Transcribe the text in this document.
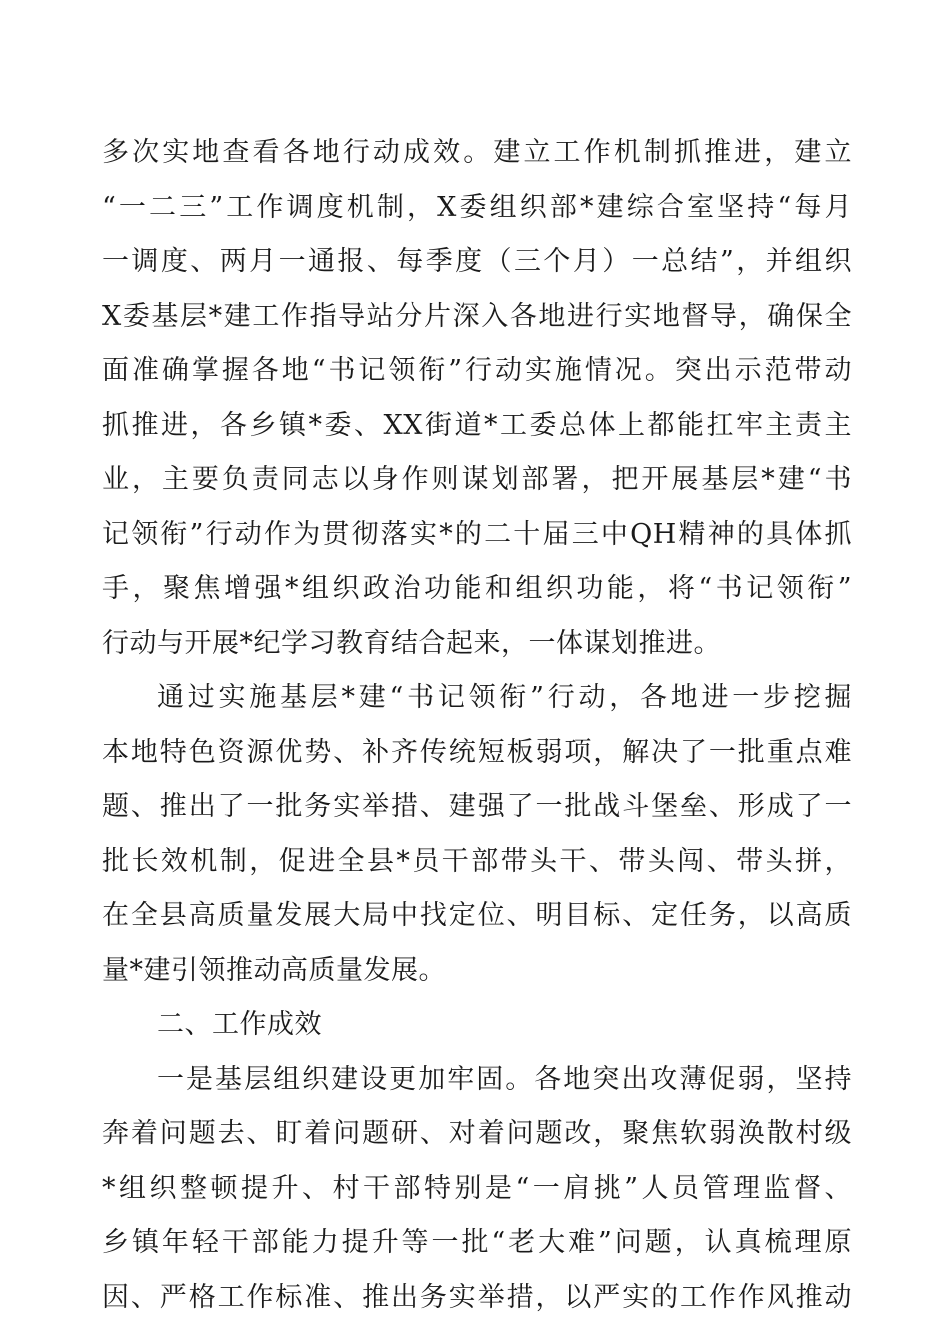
多次实地查看各地行动成效。建立工作机制抓推进，建立
“一二三”工作调度机制，X委组织部*建综合室坚持“每月
一调度、两月一通报、每季度（三个月）一总结”，并组织
X委基层*建工作指导站分片深入各地进行实地督导，确保全
面准确掌握各地“书记领衔”行动实施情况。突出示范带动
抓推进，各乡镇*委、XX街道*工委总体上都能扛牢主责主
业，主要负责同志以身作则谋划部署，把开展基层*建“书
记领衔”行动作为贯彻落实*的二十届三中QH精神的具体抓
手，聚焦增强*组织政治功能和组织功能，将“书记领衔”
行动与开展*纪学习教育结合起来，一体谋划推进。
通过实施基层*建“书记领衔”行动，各地进一步挖掘
本地特色资源优势、补齐传统短板弱项，解决了一批重点难
题、推出了一批务实举措、建强了一批战斗堡垒、形成了一
批长效机制，促进全县*员干部带头干、带头闯、带头拼，
在全县高质量发展大局中找定位、明目标、定任务，以高质
量*建引领推动高质量发展。
二、工作成效
一是基层组织建设更加牢固。各地突出攻薄促弱，坚持
奔着问题去、盯着问题研、对着问题改，聚焦软弱涣散村级
*组织整顿提升、村干部特别是“一肩挑”人员管理监督、
乡镇年轻干部能力提升等一批“老大难”问题，认真梳理原
因、严格工作标准、推出务实举措，以严实的工作作风推动
